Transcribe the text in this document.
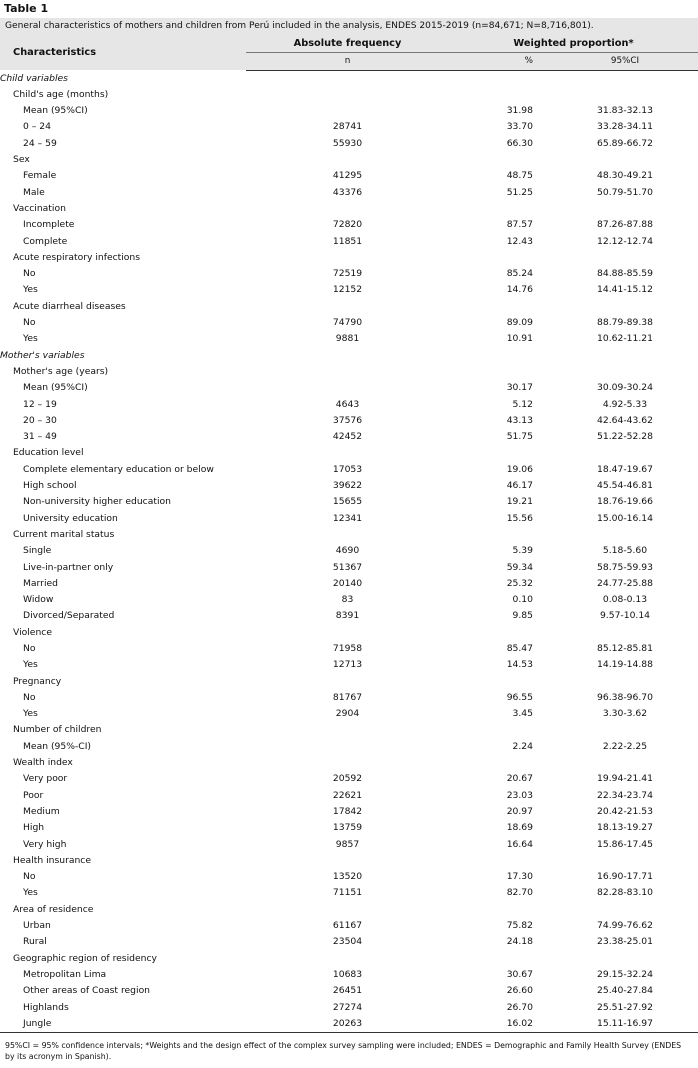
Table 1
General characteristics of mothers and children from Perú included in the analysis, ENDES 2015-2019 (n=84,671; N=8,716,801).
Characteristics	Absolute frequency	Weighted proportion*	
	n	%	95%CI
Child variables			
Child's age (months)			
Mean (95%CI)		31.98	31.83-32.13
0 – 24	28741	33.70	33.28-34.11
24 – 59	55930	66.30	65.89-66.72
Sex			
Female	41295	48.75	48.30-49.21
Male	43376	51.25	50.79-51.70
Vaccination			
Incomplete	72820	87.57	87.26-87.88
Complete	11851	12.43	12.12-12.74
Acute respiratory infections			
No	72519	85.24	84.88-85.59
Yes	12152	14.76	14.41-15.12
Acute diarrheal diseases			
No	74790	89.09	88.79-89.38
Yes	9881	10.91	10.62-11.21
Mother's variables			
Mother's age (years)			
Mean (95%CI)		30.17	30.09-30.24
12 – 19	4643	5.12	4.92-5.33
20 – 30	37576	43.13	42.64-43.62
31 – 49	42452	51.75	51.22-52.28
Education level			
Complete elementary education or below	17053	19.06	18.47-19.67
High school	39622	46.17	45.54-46.81
Non-university higher education	15655	19.21	18.76-19.66
University education	12341	15.56	15.00-16.14
Current marital status			
Single	4690	5.39	5.18-5.60
Live-in-partner only	51367	59.34	58.75-59.93
Married	20140	25.32	24.77-25.88
Widow	83	0.10	0.08-0.13
Divorced/Separated	8391	9.85	9.57-10.14
Violence			
No	71958	85.47	85.12-85.81
Yes	12713	14.53	14.19-14.88
Pregnancy			
No	81767	96.55	96.38-96.70
Yes	2904	3.45	3.30-3.62
Number of children			
Mean (95%-CI)		2.24	2.22-2.25
Wealth index			
Very poor	20592	20.67	19.94-21.41
Poor	22621	23.03	22.34-23.74
Medium	17842	20.97	20.42-21.53
High	13759	18.69	18.13-19.27
Very high	9857	16.64	15.86-17.45
Health insurance			
No	13520	17.30	16.90-17.71
Yes	71151	82.70	82.28-83.10
Area of residence			
Urban	61167	75.82	74.99-76.62
Rural	23504	24.18	23.38-25.01
Geographic region of residency			
Metropolitan Lima	10683	30.67	29.15-32.24
Other areas of Coast region	26451	26.60	25.40-27.84
Highlands	27274	26.70	25.51-27.92
Jungle	20263	16.02	15.11-16.97
95%CI = 95% confidence intervals; *Weights and the design effect of the complex survey sampling were included; ENDES = Demographic and Family Health Survey (ENDES by its acronym in Spanish).
